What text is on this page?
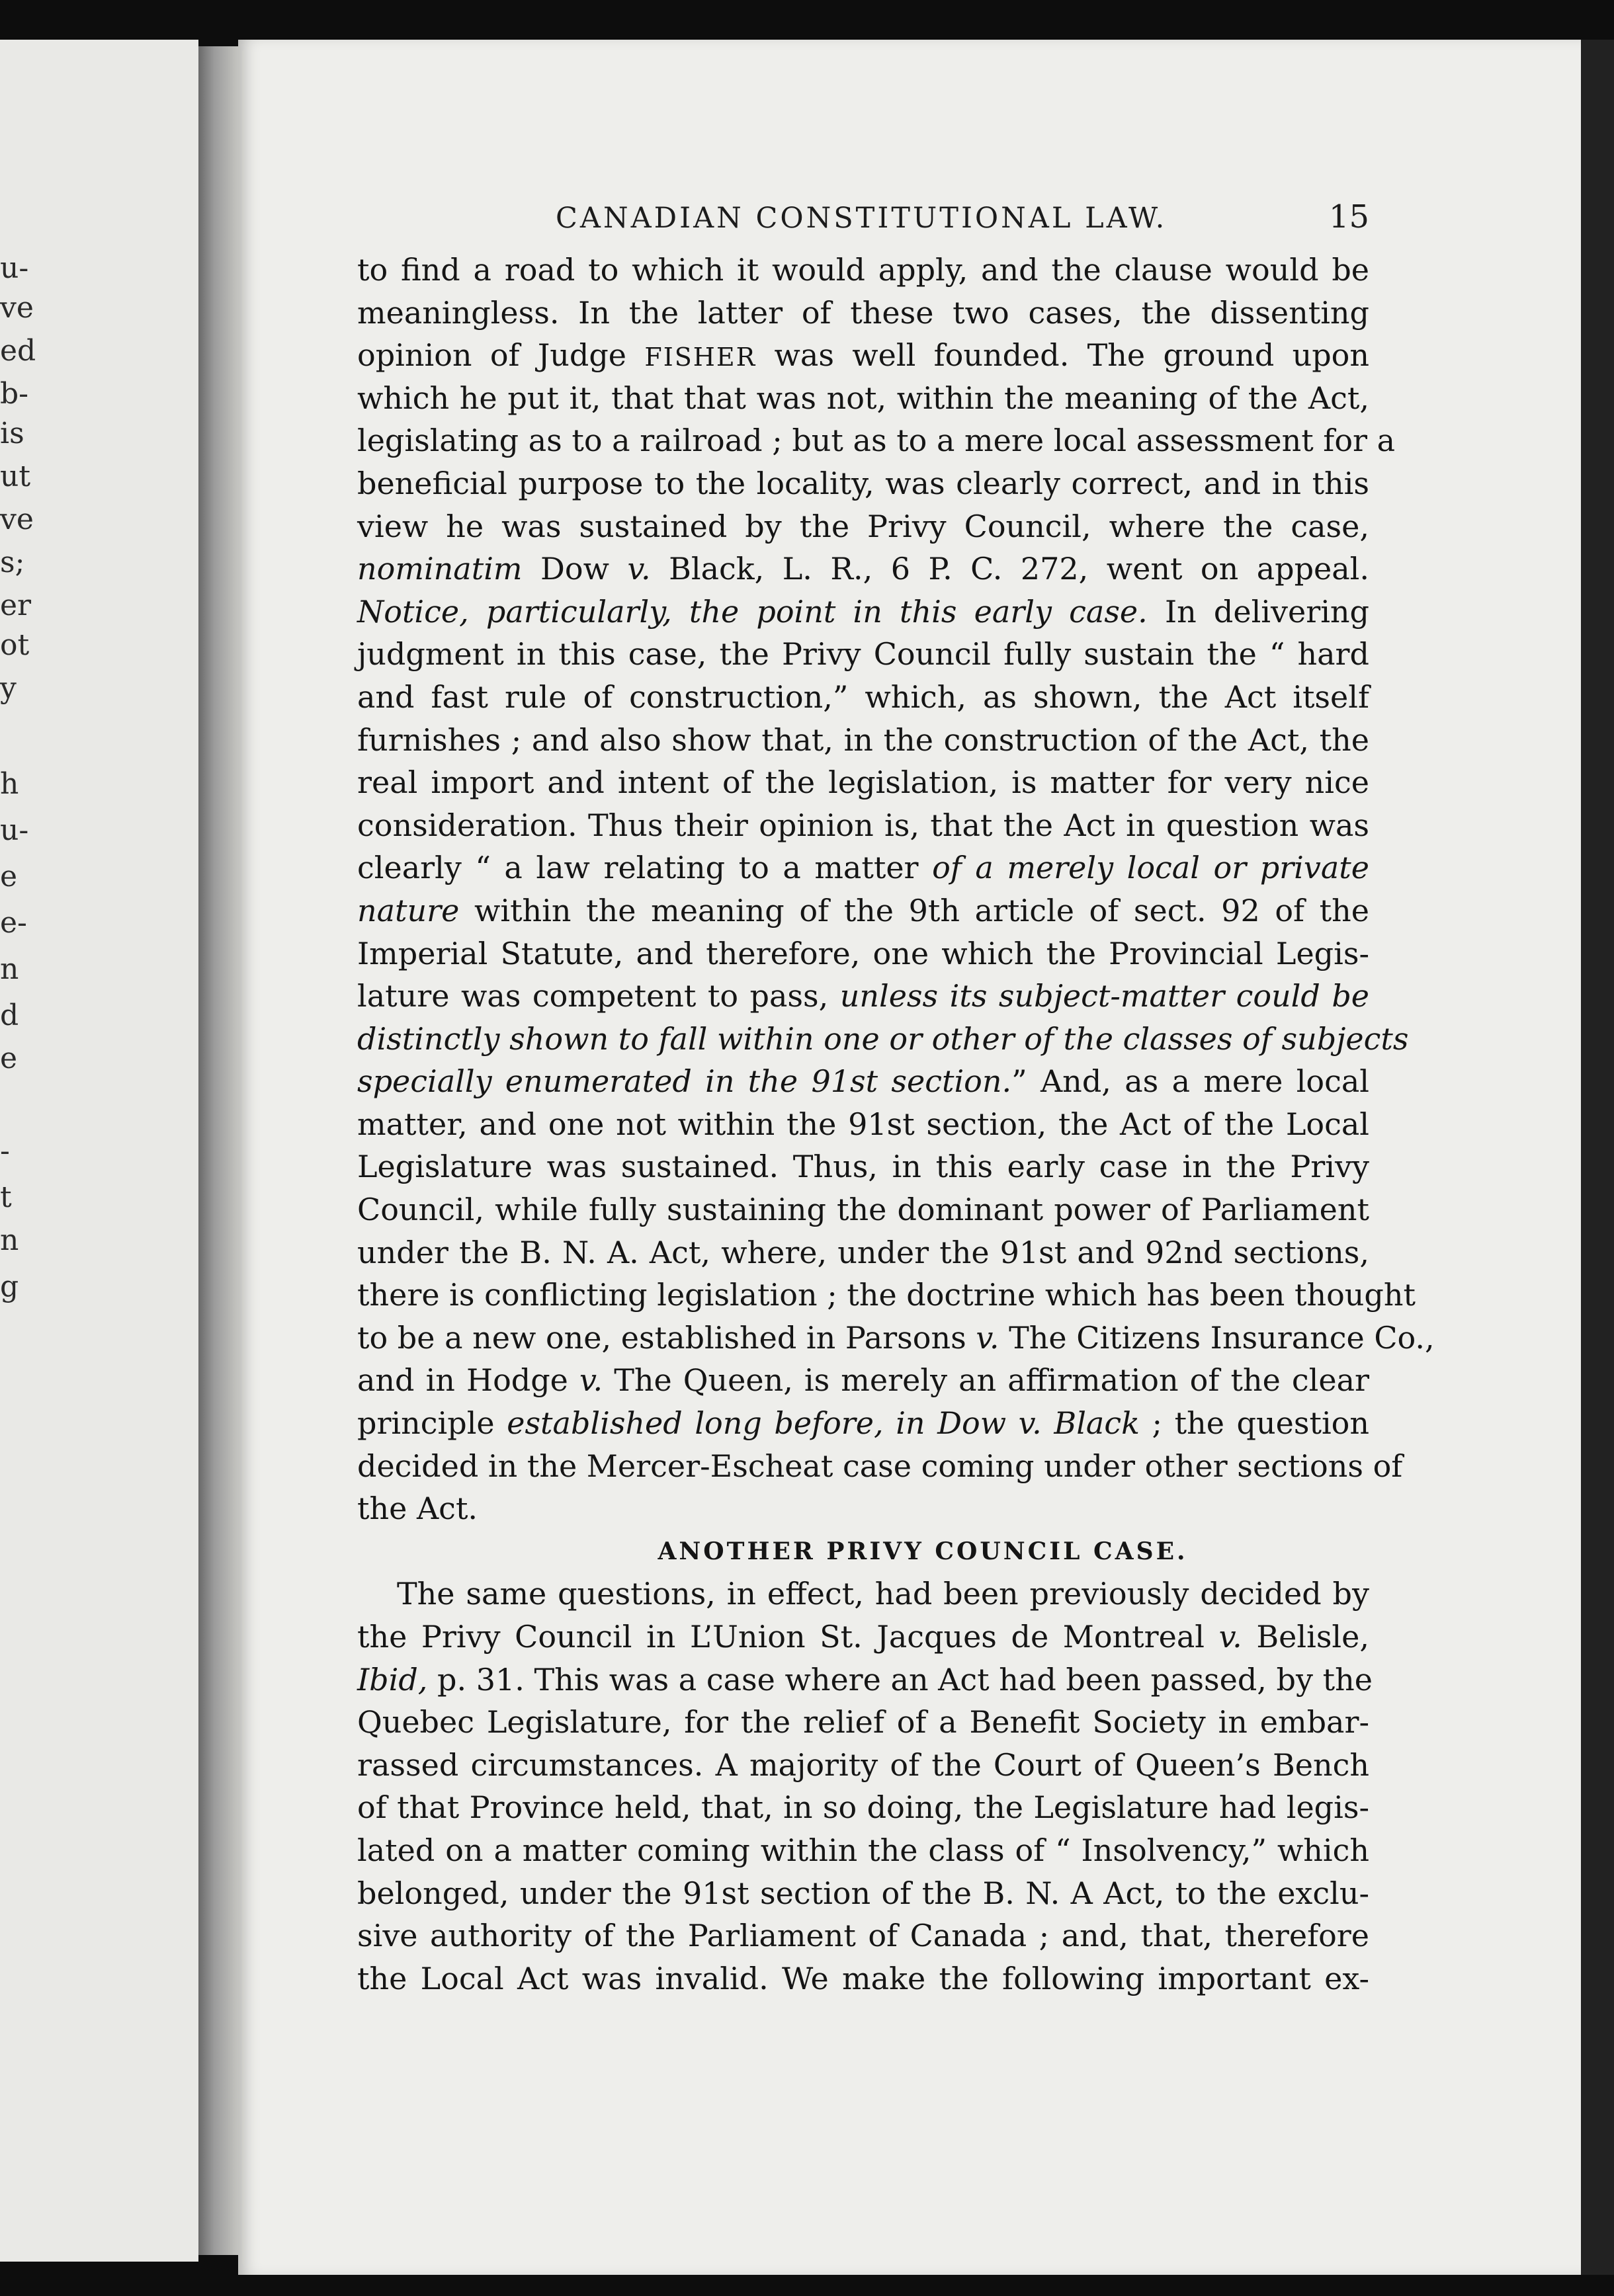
u-
ve
ed
b-
is
ut
ve
s;
er
ot
y
h
u-
e
e-
n
d
e
-
t
n
g
CANADIAN CONSTITUTIONAL LAW.	15
to find a road to which it would apply, and the clause would be
meaningless. In the latter of these two cases, the dissenting
opinion of Judge FISHER was well founded. The ground upon
which he put it, that that was not, within the meaning of the Act,
legislating as to a railroad ; but as to a mere local assessment for a
beneficial purpose to the locality, was clearly correct, and in this
view he was sustained by the Privy Council, where the case,
nominatim Dow v. Black, L. R., 6 P. C. 272, went on appeal.
Notice, particularly, the point in this early case. In delivering
judgment in this case, the Privy Council fully sustain the “ hard
and fast rule of construction,” which, as shown, the Act itself
furnishes ; and also show that, in the construction of the Act, the
real import and intent of the legislation, is matter for very nice
consideration. Thus their opinion is, that the Act in question was
clearly “ a law relating to a matter of a merely local or private
nature within the meaning of the 9th article of sect. 92 of the
Imperial Statute, and therefore, one which the Provincial Legis-
lature was competent to pass, unless its subject-matter could be
distinctly shown to fall within one or other of the classes of subjects
specially enumerated in the 91st section.” And, as a mere local
matter, and one not within the 91st section, the Act of the Local
Legislature was sustained. Thus, in this early case in the Privy
Council, while fully sustaining the dominant power of Parliament
under the B. N. A. Act, where, under the 91st and 92nd sections,
there is conflicting legislation ; the doctrine which has been thought
to be a new one, established in Parsons v. The Citizens Insurance Co.,
and in Hodge v. The Queen, is merely an affirmation of the clear
principle established long before, in Dow v. Black ; the question
decided in the Mercer-Escheat case coming under other sections of
the Act.
ANOTHER PRIVY COUNCIL CASE.
The same questions, in effect, had been previously decided by
the Privy Council in L’Union St. Jacques de Montreal v. Belisle,
Ibid, p. 31. This was a case where an Act had been passed, by the
Quebec Legislature, for the relief of a Benefit Society in embar-
rassed circumstances. A majority of the Court of Queen’s Bench
of that Province held, that, in so doing, the Legislature had legis-
lated on a matter coming within the class of “ Insolvency,” which
belonged, under the 91st section of the B. N. A Act, to the exclu-
sive authority of the Parliament of Canada ; and, that, therefore
the Local Act was invalid. We make the following important ex-
